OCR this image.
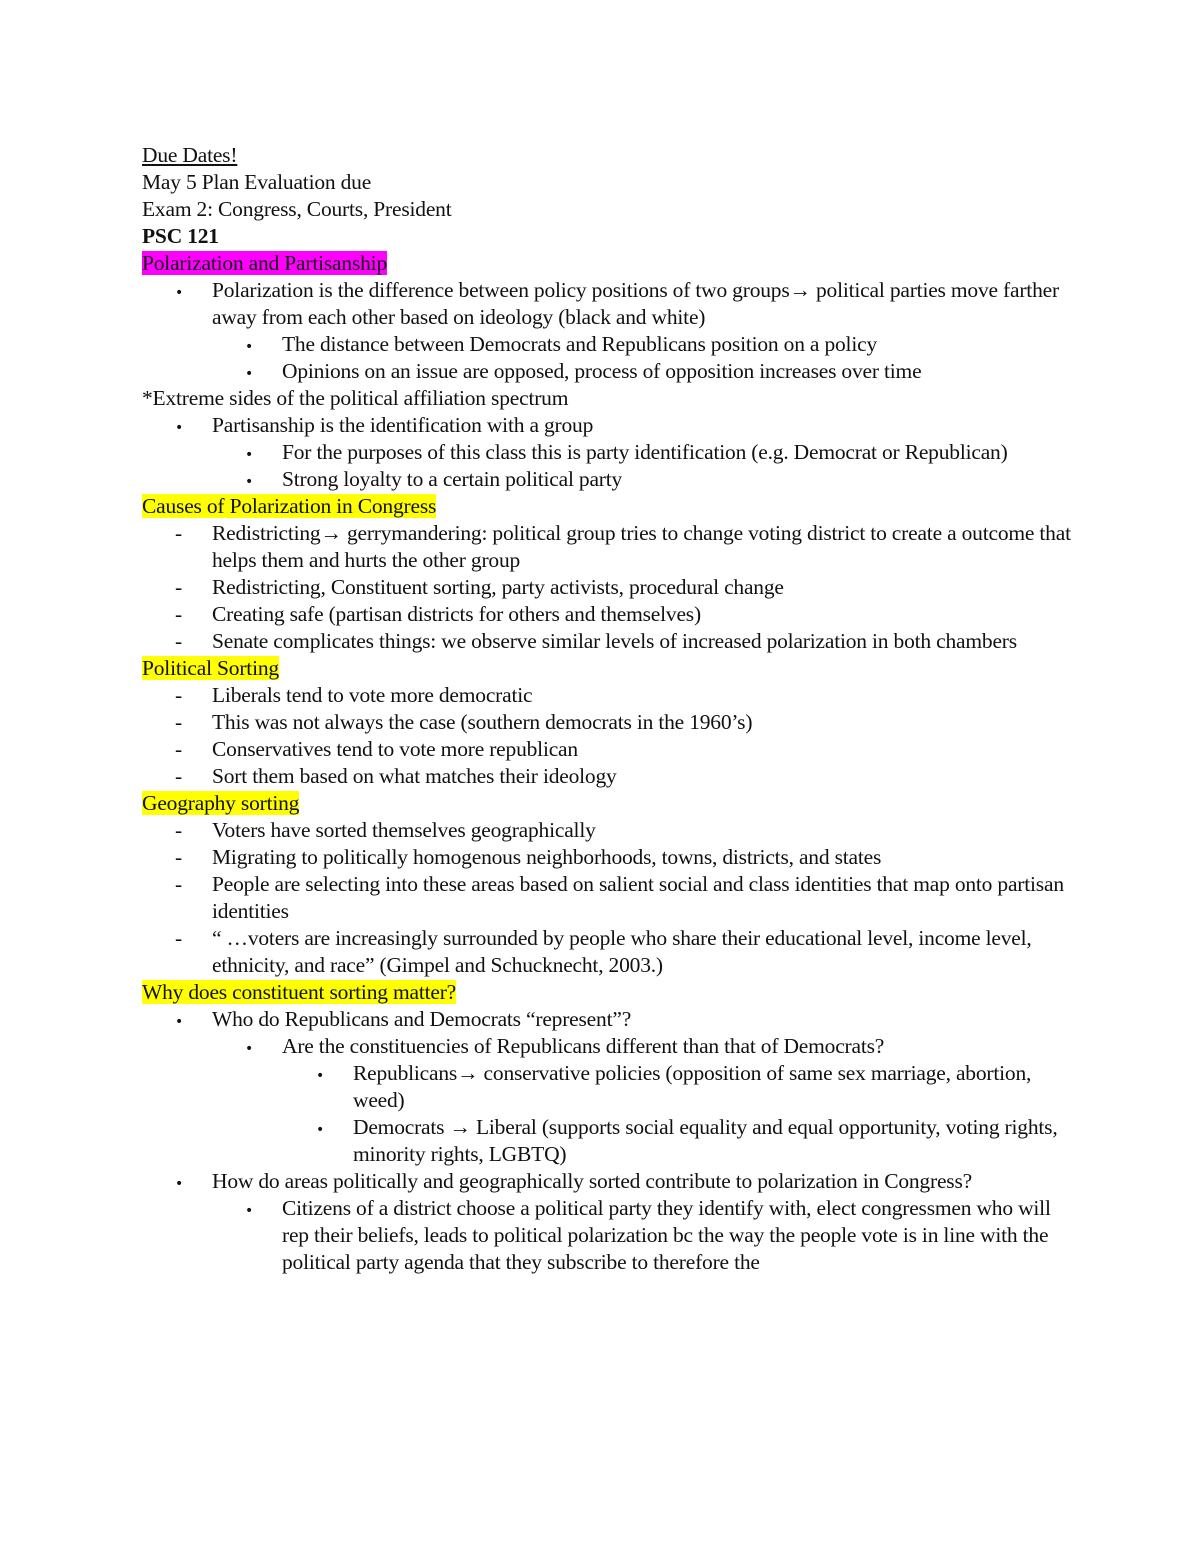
Due Dates!

May 5 Plan Evaluation due

Exam 2: Congress, Courts, President

PSC 121

Polarization and Partisanship

•
Polarization is the difference between policy positions of two groups→ political parties move farther away from each other based on ideology (black and white)
•
The distance between Democrats and Republicans position on a policy
•
Opinions on an issue are opposed, process of opposition increases over time

*Extreme sides of the political affiliation spectrum

•
Partisanship is the identification with a group
•
For the purposes of this class this is party identification (e.g. Democrat or Republican)
•
Strong loyalty to a certain political party

Causes of Polarization in Congress

-
Redistricting→ gerrymandering: political group tries to change voting district to create a outcome that helps them and hurts the other group
-
Redistricting, Constituent sorting, party activists, procedural change
-
Creating safe (partisan districts for others and themselves)
-
Senate complicates things: we observe similar levels of increased polarization in both chambers

Political Sorting

-
Liberals tend to vote more democratic
-
This was not always the case (southern democrats in the 1960’s)
-
Conservatives tend to vote more republican
-
Sort them based on what matches their ideology

Geography sorting

-
Voters have sorted themselves geographically
-
Migrating to politically homogenous neighborhoods, towns, districts, and states
-
People are selecting into these areas based on salient social and class identities that map onto partisan identities
-
“ …voters are increasingly surrounded by people who share their educational level, income level, ethnicity, and race” (Gimpel and Schucknecht, 2003.)

Why does constituent sorting matter?

•
Who do Republicans and Democrats “represent”?
•
Are the constituencies of Republicans different than that of Democrats?
•
Republicans→ conservative policies (opposition of same sex marriage, abortion, weed)
•
Democrats → Liberal (supports social equality and equal opportunity, voting rights, minority rights, LGBTQ)
•
How do areas politically and geographically sorted contribute to polarization in Congress?
•
Citizens of a district choose a political party they identify with, elect congressmen who will rep their beliefs, leads to political polarization bc the way the people vote is in line with the political party agenda that they subscribe to therefore the
